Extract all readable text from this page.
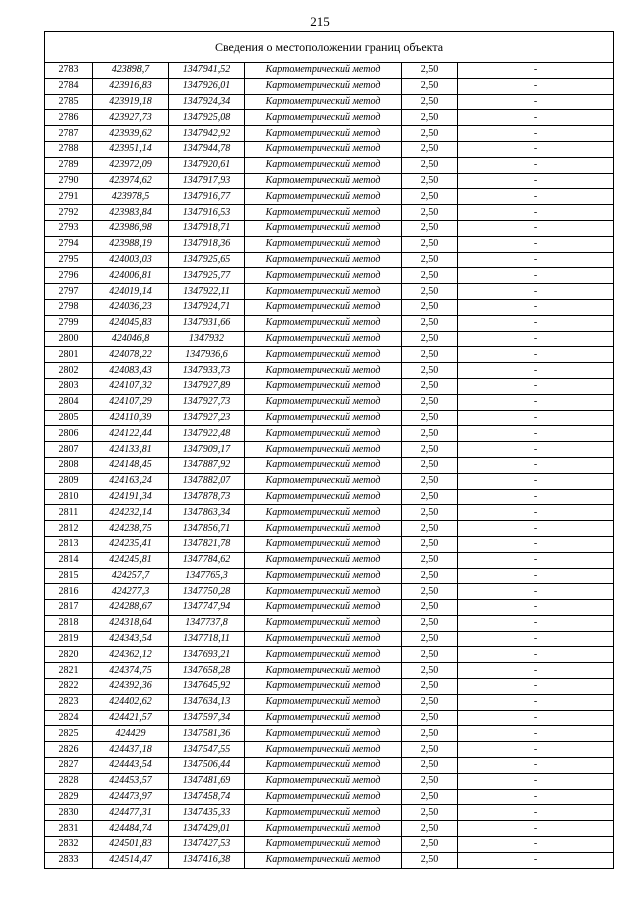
215
Сведения о местоположении границ объекта
2783	423898,7	1347941,52	Картометрический метод	2,50	-
2784	423916,83	1347926,01	Картометрический метод	2,50	-
2785	423919,18	1347924,34	Картометрический метод	2,50	-
2786	423927,73	1347925,08	Картометрический метод	2,50	-
2787	423939,62	1347942,92	Картометрический метод	2,50	-
2788	423951,14	1347944,78	Картометрический метод	2,50	-
2789	423972,09	1347920,61	Картометрический метод	2,50	-
2790	423974,62	1347917,93	Картометрический метод	2,50	-
2791	423978,5	1347916,77	Картометрический метод	2,50	-
2792	423983,84	1347916,53	Картометрический метод	2,50	-
2793	423986,98	1347918,71	Картометрический метод	2,50	-
2794	423988,19	1347918,36	Картометрический метод	2,50	-
2795	424003,03	1347925,65	Картометрический метод	2,50	-
2796	424006,81	1347925,77	Картометрический метод	2,50	-
2797	424019,14	1347922,11	Картометрический метод	2,50	-
2798	424036,23	1347924,71	Картометрический метод	2,50	-
2799	424045,83	1347931,66	Картометрический метод	2,50	-
2800	424046,8	1347932	Картометрический метод	2,50	-
2801	424078,22	1347936,6	Картометрический метод	2,50	-
2802	424083,43	1347933,73	Картометрический метод	2,50	-
2803	424107,32	1347927,89	Картометрический метод	2,50	-
2804	424107,29	1347927,73	Картометрический метод	2,50	-
2805	424110,39	1347927,23	Картометрический метод	2,50	-
2806	424122,44	1347922,48	Картометрический метод	2,50	-
2807	424133,81	1347909,17	Картометрический метод	2,50	-
2808	424148,45	1347887,92	Картометрический метод	2,50	-
2809	424163,24	1347882,07	Картометрический метод	2,50	-
2810	424191,34	1347878,73	Картометрический метод	2,50	-
2811	424232,14	1347863,34	Картометрический метод	2,50	-
2812	424238,75	1347856,71	Картометрический метод	2,50	-
2813	424235,41	1347821,78	Картометрический метод	2,50	-
2814	424245,81	1347784,62	Картометрический метод	2,50	-
2815	424257,7	1347765,3	Картометрический метод	2,50	-
2816	424277,3	1347750,28	Картометрический метод	2,50	-
2817	424288,67	1347747,94	Картометрический метод	2,50	-
2818	424318,64	1347737,8	Картометрический метод	2,50	-
2819	424343,54	1347718,11	Картометрический метод	2,50	-
2820	424362,12	1347693,21	Картометрический метод	2,50	-
2821	424374,75	1347658,28	Картометрический метод	2,50	-
2822	424392,36	1347645,92	Картометрический метод	2,50	-
2823	424402,62	1347634,13	Картометрический метод	2,50	-
2824	424421,57	1347597,34	Картометрический метод	2,50	-
2825	424429	1347581,36	Картометрический метод	2,50	-
2826	424437,18	1347547,55	Картометрический метод	2,50	-
2827	424443,54	1347506,44	Картометрический метод	2,50	-
2828	424453,57	1347481,69	Картометрический метод	2,50	-
2829	424473,97	1347458,74	Картометрический метод	2,50	-
2830	424477,31	1347435,33	Картометрический метод	2,50	-
2831	424484,74	1347429,01	Картометрический метод	2,50	-
2832	424501,83	1347427,53	Картометрический метод	2,50	-
2833	424514,47	1347416,38	Картометрический метод	2,50	-
